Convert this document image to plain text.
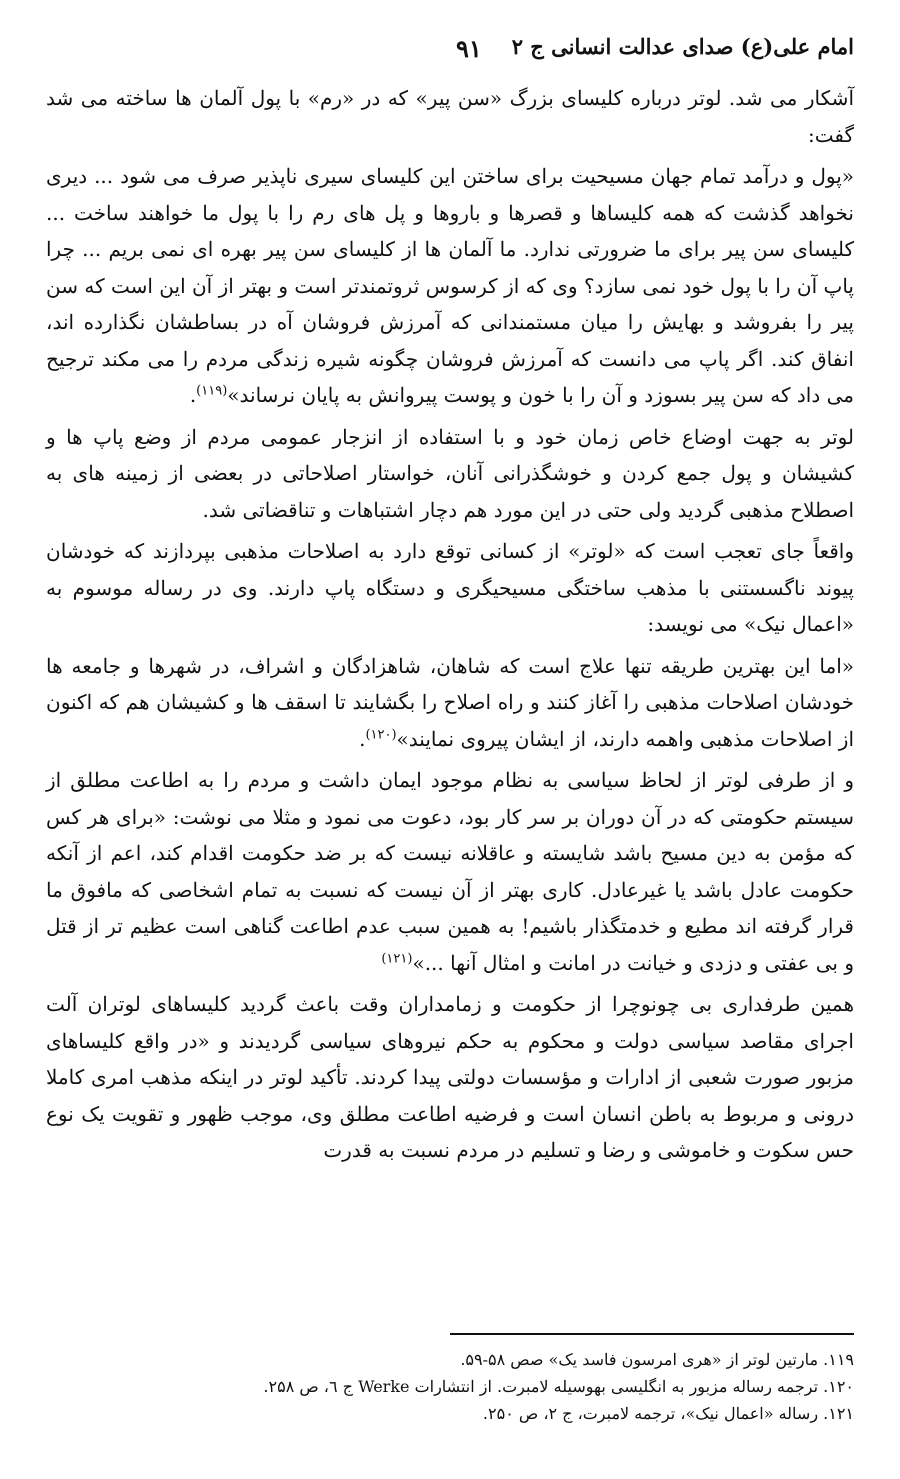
امام علی(ع) صدای عدالت انسانی ج ۲
۹۱

آشکار می شد. لوتر درباره کلیسای بزرگ «سن پیر» که در «رم» با پول آلمان ها ساخته می شد گفت:

«پول و درآمد تمام جهان مسیحیت برای ساختن این کلیسای سیری ناپذیر صرف می شود ... دیری نخواهد گذشت که همه کلیساها و قصرها و باروها و پل های رم را با پول ما خواهند ساخت ... کلیسای سن پیر برای ما ضرورتی ندارد. ما آلمان ها از کلیسای سن پیر بهره ای نمی بریم ... چرا پاپ آن را با پول خود نمی سازد؟ وی که از کرسوس ثروتمندتر است و بهتر از آن این است که سن پیر را بفروشد و بهایش را میان مستمندانی که آمرزش فروشان آه در بساطشان نگذارده اند، انفاق کند. اگر پاپ می دانست که آمرزش فروشان چگونه شیره زندگی مردم را می مکند ترجیح می داد که سن پیر بسوزد و آن را با خون و پوست پیروانش به پایان نرساند»$^{(۱۱۹)}$.

لوتر به جهت اوضاع خاص زمان خود و با استفاده از انزجار عمومی مردم از وضع پاپ ها و کشیشان و پول جمع کردن و خوشگذرانی آنان، خواستار اصلاحاتی در بعضی از زمینه های به اصطلاح مذهبی گردید ولی حتی در این مورد هم دچار اشتباهات و تناقضاتی شد.

واقعاً جای تعجب است که «لوتر» از کسانی توقع دارد به اصلاحات مذهبی بپردازند که خودشان پیوند ناگسستنی با مذهب ساختگی مسیحیگری و دستگاه پاپ دارند. وی در رساله موسوم به «اعمال نیک» می نویسد:

«اما این بهترین طریقه تنها علاج است که شاهان، شاهزادگان و اشراف، در شهرها و جامعه ها خودشان اصلاحات مذهبی را آغاز کنند و راه اصلاح را بگشایند تا اسقف ها و کشیشان هم که اکنون از اصلاحات مذهبی واهمه دارند، از ایشان پیروی نمایند»$^{(۱۲۰)}$.

و از طرفی لوتر از لحاظ سیاسی به نظام موجود ایمان داشت و مردم را به اطاعت مطلق از سیستم حکومتی که در آن دوران بر سر کار بود، دعوت می نمود و مثلا می نوشت: «برای هر کس که مؤمن به دین مسیح باشد شایسته و عاقلانه نیست که بر ضد حکومت اقدام کند، اعم از آنکه حکومت عادل باشد یا غیرعادل. کاری بهتر از آن نیست که نسبت به تمام اشخاصی که مافوق ما قرار گرفته اند مطیع و خدمتگذار باشیم! به همین سبب عدم اطاعت گناهی است عظیم تر از قتل و بی عفتی و دزدی و خیانت در امانت و امثال آنها ...»$^{(۱۲۱)}$

همین طرفداری بی چونوچرا از حکومت و زمامداران وقت باعث گردید کلیساهای لوتران آلت اجرای مقاصد سیاسی دولت و محکوم به حکم نیروهای سیاسی گردیدند و «در واقع کلیساهای مزبور صورت شعبی از ادارات و مؤسسات دولتی پیدا کردند. تأکید لوتر در اینکه مذهب امری کاملا درونی و مربوط به باطن انسان است و فرضیه اطاعت مطلق وی، موجب ظهور و تقویت یک نوع حس سکوت و خاموشی و رضا و تسلیم در مردم نسبت به قدرت

۱۱۹. مارتین لوتر از «هری امرسون فاسد یک» صص ۵۸-۵۹.
۱۲۰. ترجمه رساله مزبور به انگلیسی بهوسیله لامبرت. از انتشارات Werke ج ٦، ص ۲۵۸.
۱۲۱. رساله «اعمال نیک»، ترجمه لامبرت، ج ۲، ص ۲۵۰.
